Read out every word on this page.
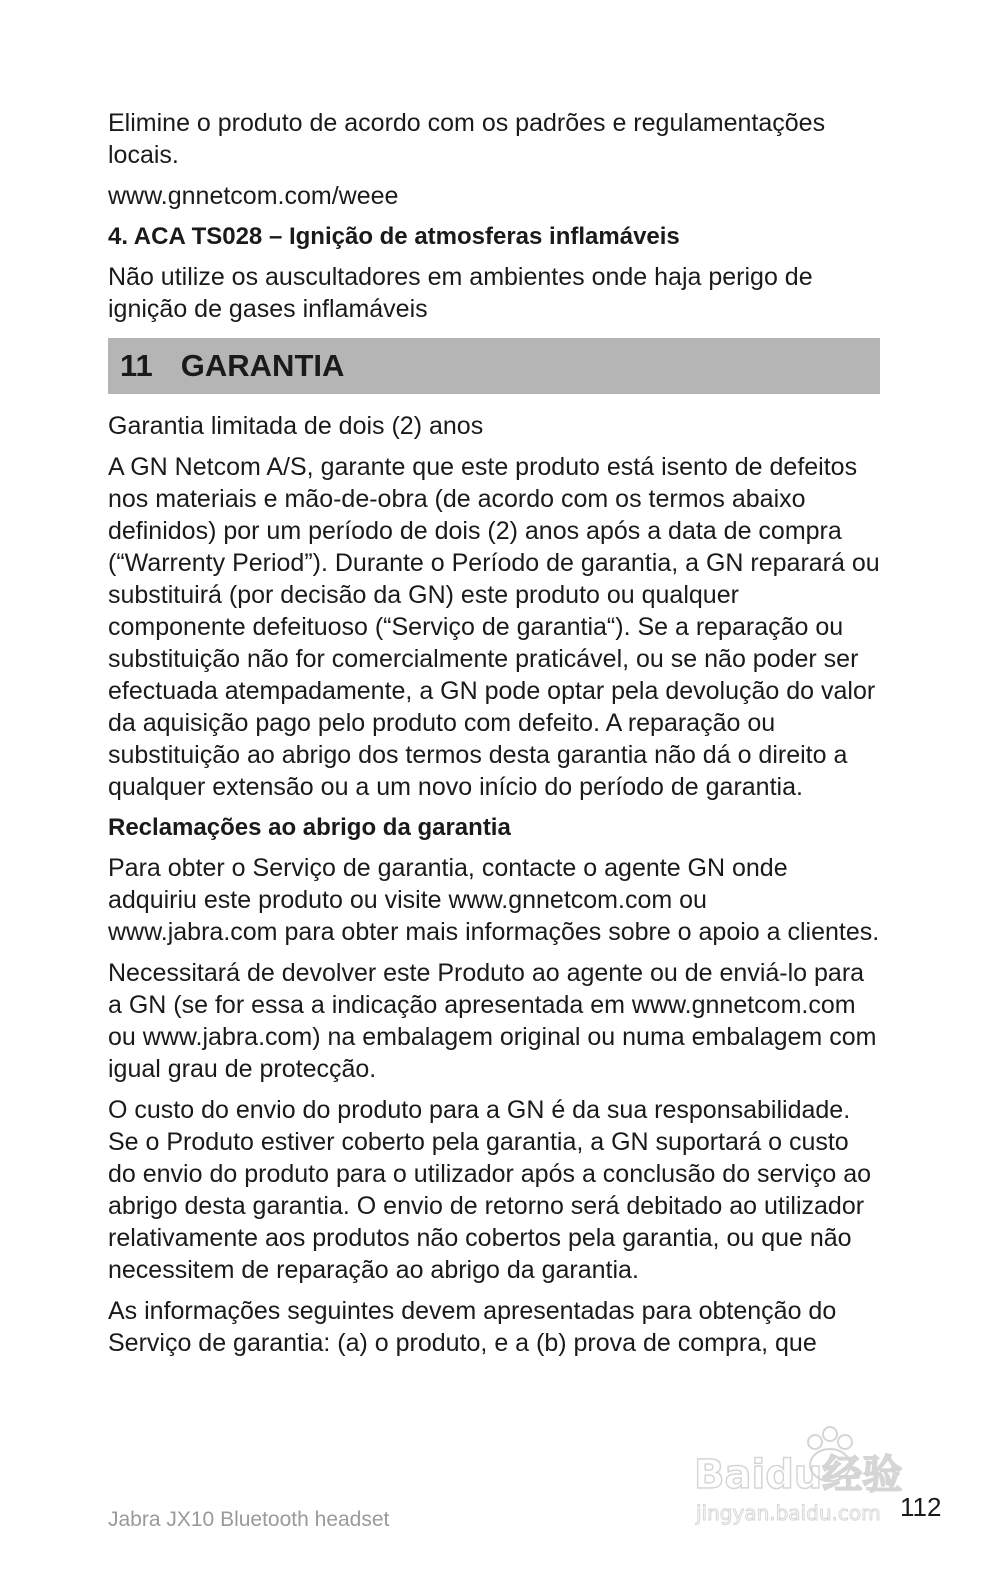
Elimine o produto de acordo com os padrões e regulamentações locais.

www.gnnetcom.com/weee

4. ACA TS028 – Ignição de atmosferas inflamáveis

Não utilize os auscultadores em ambientes onde haja perigo de ignição de gases inflamáveis

11 GARANTIA

Garantia limitada de dois (2) anos

A GN Netcom A/S, garante que este produto está isento de defeitos nos materiais e mão-de-obra (de acordo com os termos abaixo definidos) por um período de dois (2) anos após a data de compra (“Warrenty Period”). Durante o Período de garantia, a GN reparará ou substituirá (por decisão da GN) este produto ou qualquer componente defeituoso (“Serviço de garantia“). Se a reparação ou substituição não for comercialmente praticável, ou se não poder ser efectuada atempadamente, a GN pode optar pela devolução do valor da aquisição pago pelo produto com defeito. A reparação ou substituição ao abrigo dos termos desta garantia não dá o direito a qualquer extensão ou a um novo início do período de garantia.

Reclamações ao abrigo da garantia

Para obter o Serviço de garantia, contacte o agente GN onde adquiriu este produto ou visite www.gnnetcom.com ou www.jabra.com para obter mais informações sobre o apoio a clientes.

Necessitará de devolver este Produto ao agente ou de enviá-lo para a GN (se for essa a indicação apresentada em www.gnnetcom.com ou www.jabra.com) na embalagem original ou numa embalagem com igual grau de protecção.

O custo do envio do produto para a GN é da sua responsabilidade. Se o Produto estiver coberto pela garantia, a GN suportará o custo do envio do produto para o utilizador após a conclusão do serviço ao abrigo desta garantia. O envio de retorno será debitado ao utilizador relativamente aos produtos não cobertos pela garantia, ou que não necessitem de reparação ao abrigo da garantia.

As informações seguintes devem apresentadas para obtenção do Serviço de garantia: (a) o produto, e a (b) prova de compra, que

Baidu经验
jingyan.baidu.com
Jabra JX10 Bluetooth headset	112
